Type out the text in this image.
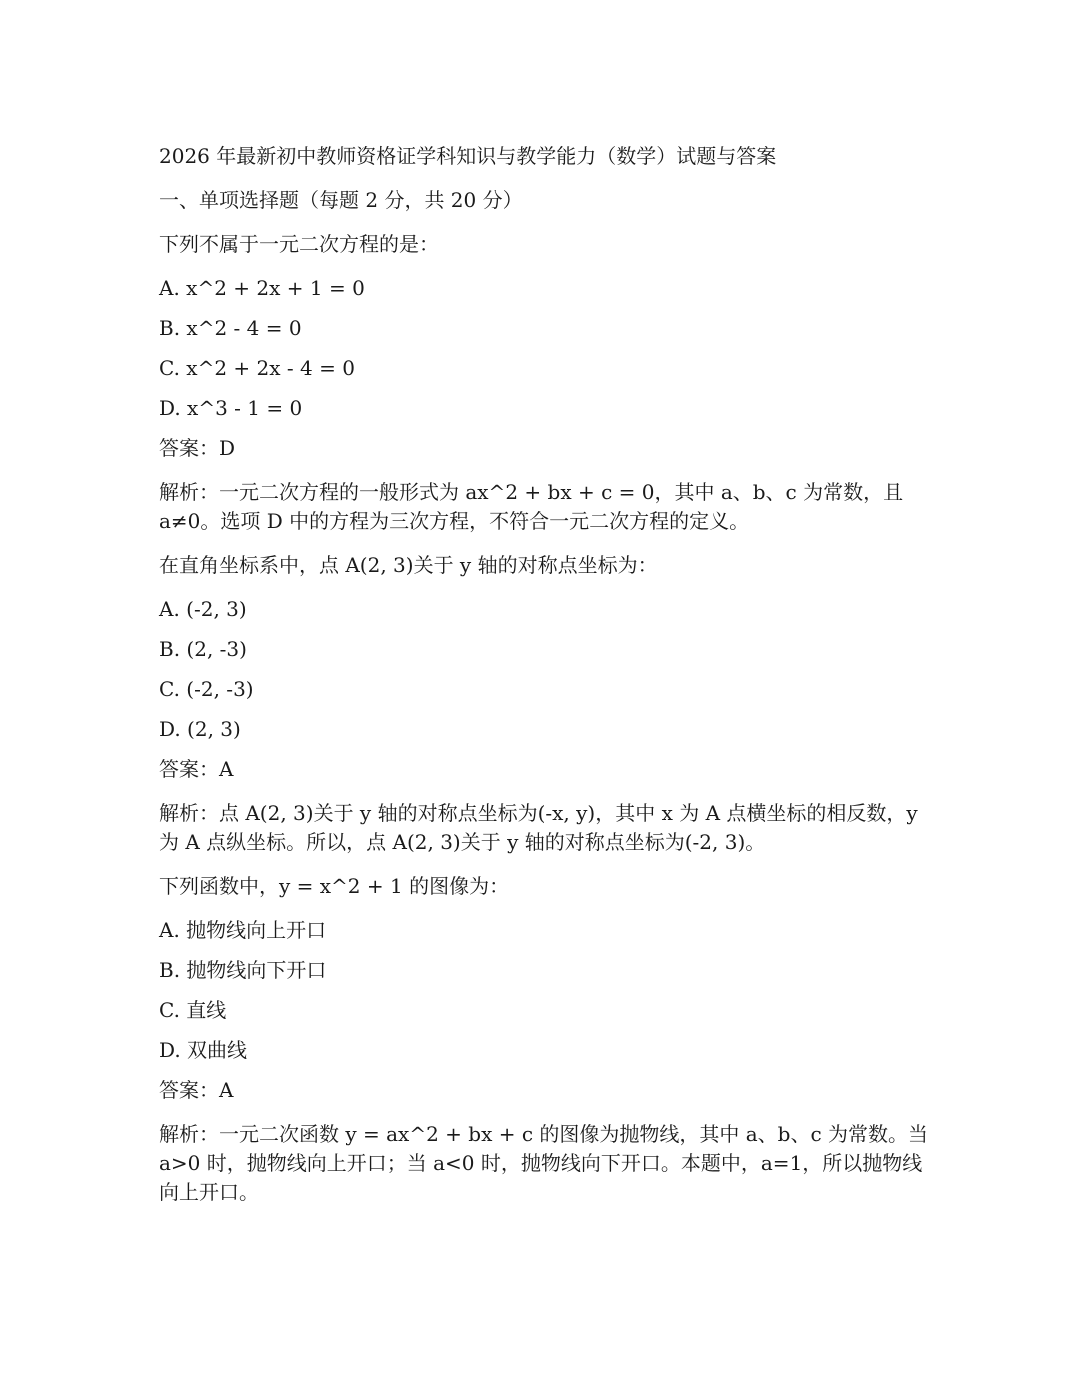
2026 年最新初中教师资格证学科知识与教学能力（数学）试题与答案

一、单项选择题（每题 2 分，共 20 分）

下列不属于一元二次方程的是：

A. x^2 + 2x + 1 = 0

B. x^2 - 4 = 0

C. x^2 + 2x - 4 = 0

D. x^3 - 1 = 0

答案：D

解析：一元二次方程的一般形式为 ax^2 + bx + c = 0，其中 a、b、c 为常数，且 a≠0。选项 D 中的方程为三次方程，不符合一元二次方程的定义。

在直角坐标系中，点 A(2, 3)关于 y 轴的对称点坐标为：

A. (-2, 3)

B. (2, -3)

C. (-2, -3)

D. (2, 3)

答案：A

解析：点 A(2, 3)关于 y 轴的对称点坐标为(-x, y)，其中 x 为 A 点横坐标的相反数，y 为 A 点纵坐标。所以，点 A(2, 3)关于 y 轴的对称点坐标为(-2, 3)。

下列函数中，y = x^2 + 1 的图像为：

A. 抛物线向上开口

B. 抛物线向下开口

C. 直线

D. 双曲线

答案：A

解析：一元二次函数 y = ax^2 + bx + c 的图像为抛物线，其中 a、b、c 为常数。当 a>0 时，抛物线向上开口；当 a<0 时，抛物线向下开口。本题中，a=1，所以抛物线向上开口。
